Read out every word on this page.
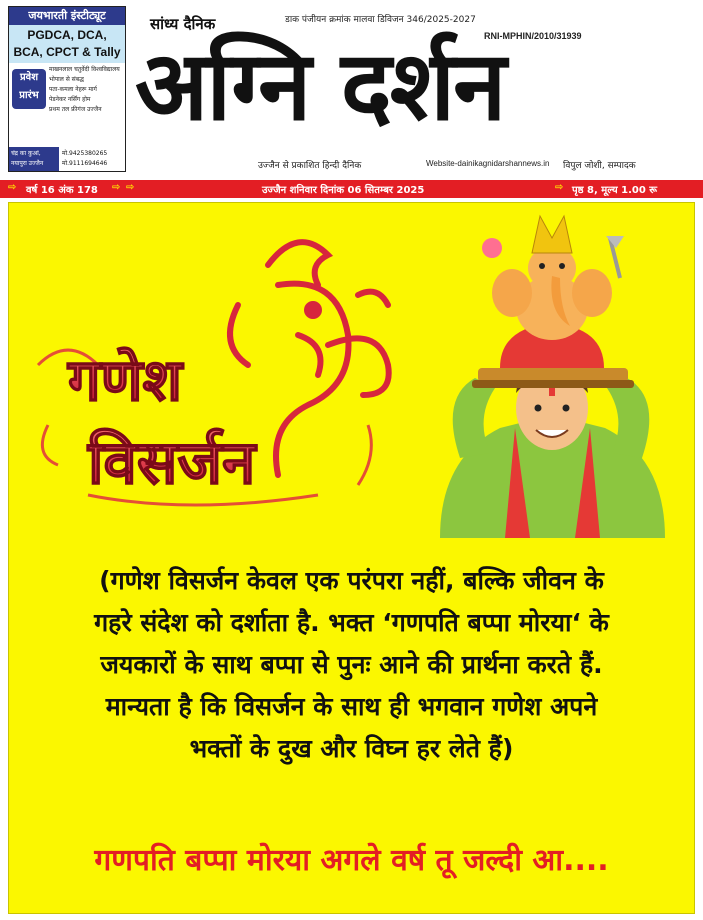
जयभारती इंस्टीट्यूट
PGDCA, DCA,
BCA, CPCT & Tally
प्रवेश
प्रारंभ
माखनलाल चतुर्वेदी विश्वविद्यालय
भोपाल से संबद्ध
पता-कमला नेहरू मार्ग
पेडनेकर नर्सिंग होम
प्रथम तल फ्रीगंज उज्जैन
चंद्र का कुआं,
नयापुरा उज्जैन
मो.9425380265
मो.9111694646
सांध्य दैनिक	डाक पंजीयन क्रमांक मालवा डिविजन 346/2025-2027
RNI-MPHIN/2010/31939
अग्नि दर्शन
उज्जैन से प्रकाशित हिन्दी दैनिक	Website-dainikagnidarshannews.in विपुल जोशी, सम्पादक
⇨ वर्ष 16 अंक 178 ⇨ ⇨	उज्जैन शनिवार दिनांक 06 सितम्बर 2025	⇨ पृष्ठ 8, मूल्य 1.00 रू
गणेश
विसर्जन
(गणेश विसर्जन केवल एक परंपरा नहीं, बल्कि जीवन के
गहरे संदेश को दर्शाता है. भक्त ‘गणपति बप्पा मोरया‘ के
जयकारों के साथ बप्पा से पुनः आने की प्रार्थना करते हैं.
मान्यता है कि विसर्जन के साथ ही भगवान गणेश अपने
भक्तों के दुख और विघ्न हर लेते हैं)
गणपति बप्पा मोरया अगले वर्ष तू जल्दी आ....
